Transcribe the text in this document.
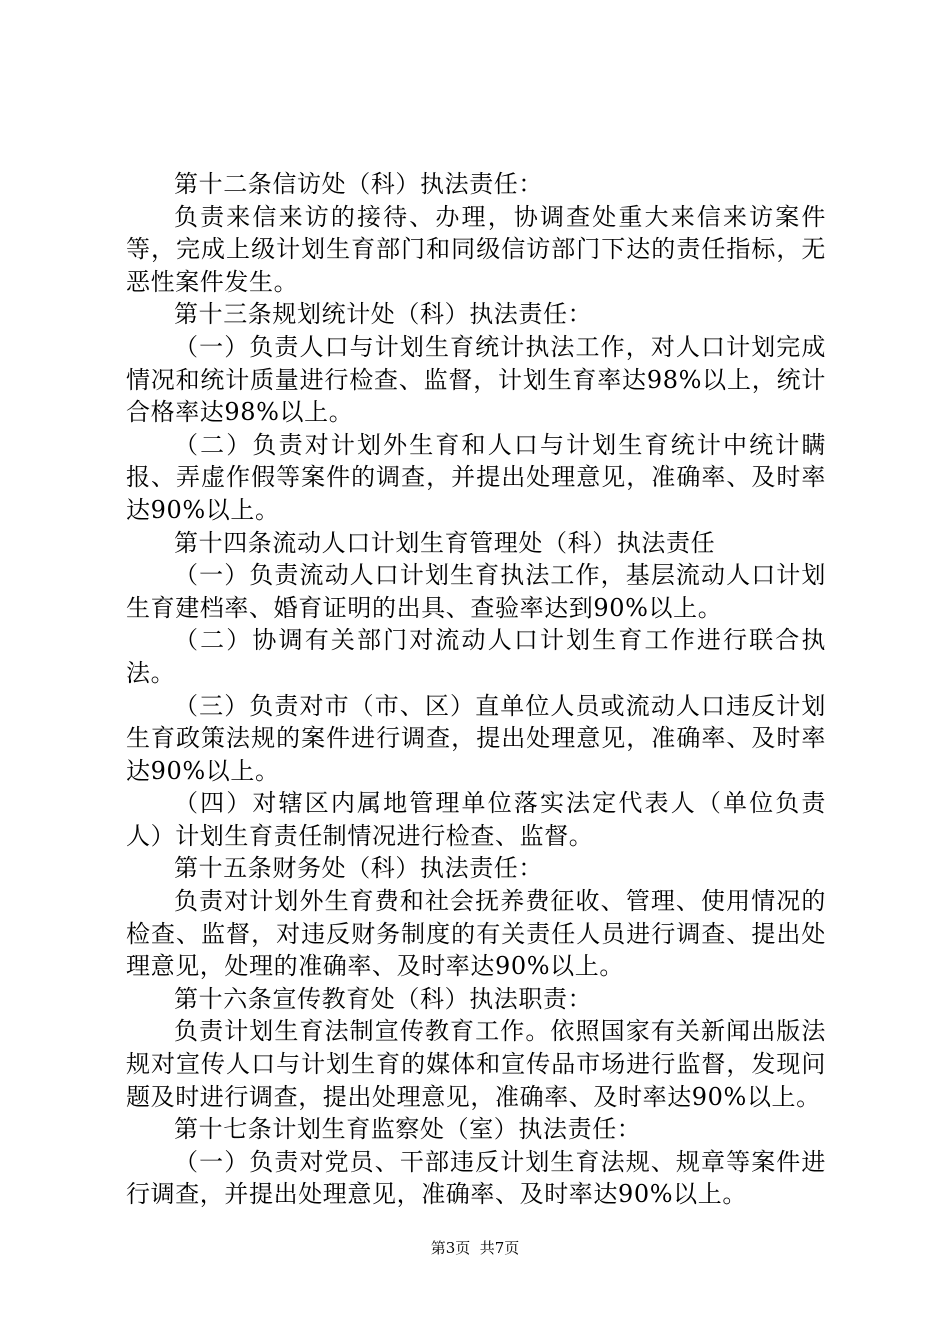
第十二条信访处（科）执法责任：

负责来信来访的接待、办理，协调查处重大来信来访案件等，完成上级计划生育部门和同级信访部门下达的责任指标，无恶性案件发生。

第十三条规划统计处（科）执法责任：

（一）负责人口与计划生育统计执法工作，对人口计划完成情况和统计质量进行检查、监督，计划生育率达98%以上，统计合格率达98%以上。

（二）负责对计划外生育和人口与计划生育统计中统计瞒报、弄虚作假等案件的调查，并提出处理意见，准确率、及时率达90%以上。

第十四条流动人口计划生育管理处（科）执法责任

（一）负责流动人口计划生育执法工作，基层流动人口计划生育建档率、婚育证明的出具、查验率达到90%以上。

（二）协调有关部门对流动人口计划生育工作进行联合执法。

（三）负责对市（市、区）直单位人员或流动人口违反计划生育政策法规的案件进行调查，提出处理意见，准确率、及时率达90%以上。

（四）对辖区内属地管理单位落实法定代表人（单位负责人）计划生育责任制情况进行检查、监督。

第十五条财务处（科）执法责任：

负责对计划外生育费和社会抚养费征收、管理、使用情况的检查、监督，对违反财务制度的有关责任人员进行调查、提出处理意见，处理的准确率、及时率达90%以上。

第十六条宣传教育处（科）执法职责：

负责计划生育法制宣传教育工作。依照国家有关新闻出版法规对宣传人口与计划生育的媒体和宣传品市场进行监督，发现问题及时进行调查，提出处理意见，准确率、及时率达90%以上。

第十七条计划生育监察处（室）执法责任：

（一）负责对党员、干部违反计划生育法规、规章等案件进行调查，并提出处理意见，准确率、及时率达90%以上。

第3页  共7页
